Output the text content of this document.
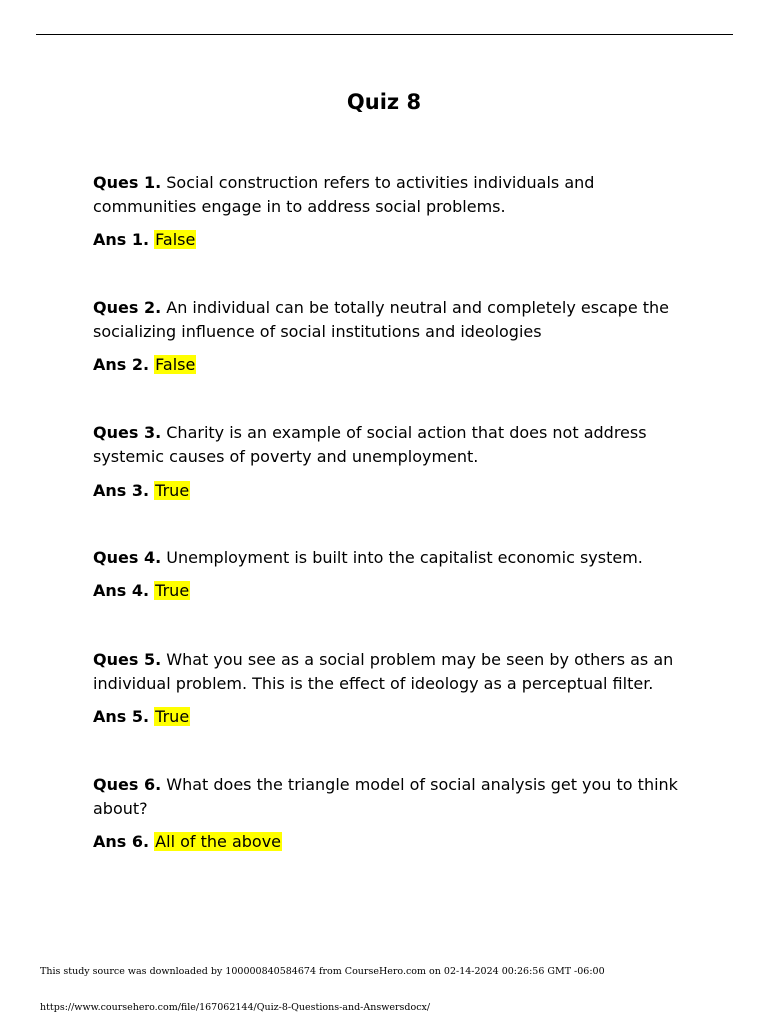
Quiz 8

Ques 1. Social construction refers to activities individuals and communities engage in to address social problems.

Ans 1. False

Ques 2. An individual can be totally neutral and completely escape the socializing influence of social institutions and ideologies

Ans 2. False

Ques 3. Charity is an example of social action that does not address systemic causes of poverty and unemployment.

Ans 3. True

Ques 4. Unemployment is built into the capitalist economic system.

Ans 4. True

Ques 5. What you see as a social problem may be seen by others as an individual problem. This is the effect of ideology as a perceptual filter.

Ans 5. True

Ques 6. What does the triangle model of social analysis get you to think about?

Ans 6. All of the above

This study source was downloaded by 100000840584674 from CourseHero.com on 02-14-2024 00:26:56 GMT -06:00
https://www.coursehero.com/file/167062144/Quiz-8-Questions-and-Answersdocx/
